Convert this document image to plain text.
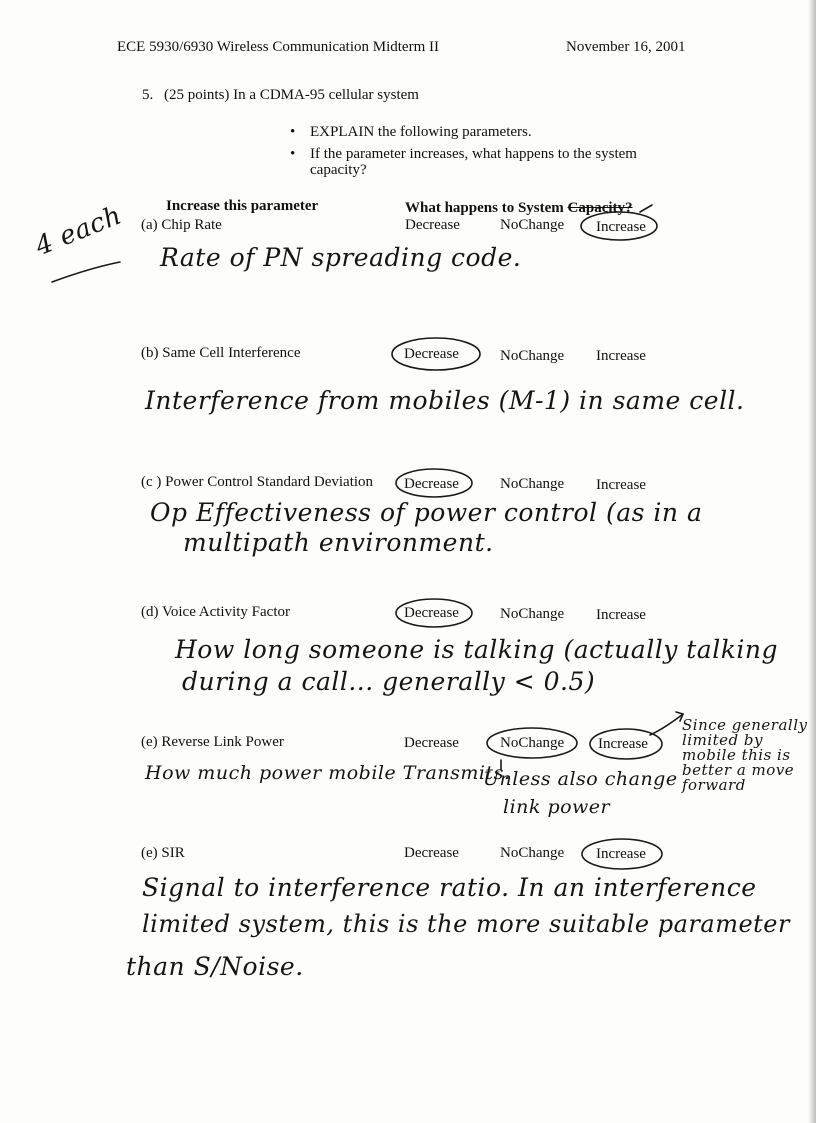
ECE 5930/6930 Wireless Communication Midterm II	November 16, 2001
5. (25 points) In a CDMA-95 cellular system
• EXPLAIN the following parameters.
• If the parameter increases, what happens to the system
capacity?
Increase this parameter	What happens to System Capacity?
(a) Chip Rate	Decrease	NoChange Increase
Rate of PN spreading code.
(b) Same Cell Interference	Decrease	NoChange Increase
Interference from mobiles (M-1) in same cell.
(c ) Power Control Standard Deviation Decrease	NoChange Increase
Op Effectiveness of power control (as in a
multipath environment.
(d) Voice Activity Factor	Decrease	NoChange Increase
How long someone is talking (actually talking
during a call... generally < 0.5)
(e) Reverse Link Power	Decrease	NoChange Increase
How much power mobile Transmits.
Unless also change
link power
Since generally limited by mobile this is better a move forward
(e) SIR	Decrease	NoChange Increase
Signal to interference ratio. In an interference
limited system, this is the more suitable parameter
than S/Noise.
4 each
